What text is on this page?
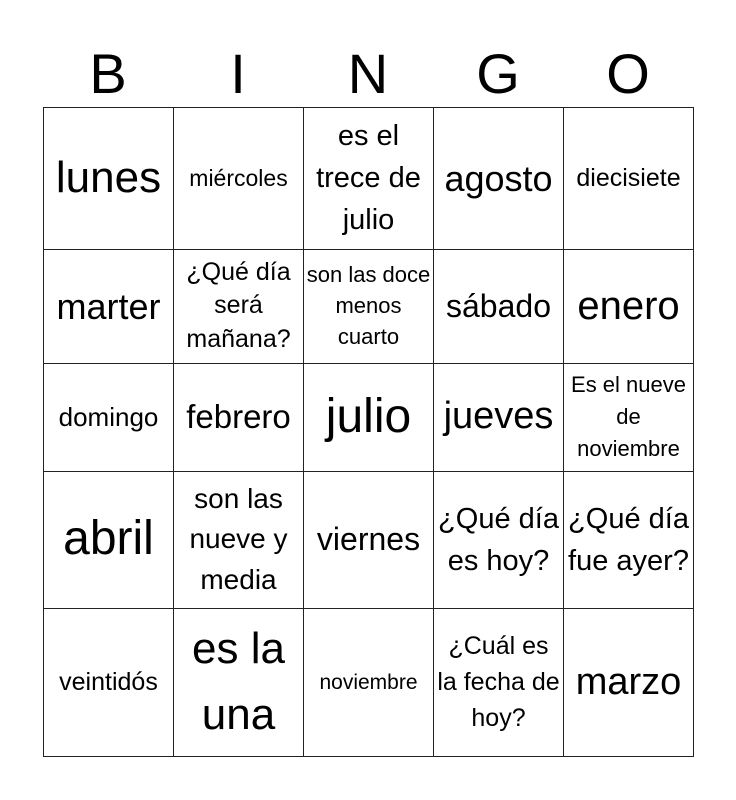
B	I	N	G	O
lunes	miércoles	es el trece de julio	agosto	diecisiete

marter	¿Qué día será mañana?	son las doce menos cuarto	sábado	enero

domingo	febrero	julio	jueves	Es el nueve de noviembre

abril	son las nueve y media	viernes	¿Qué día es hoy?	¿Qué día fue ayer?

veintidós	es la una	noviembre	¿Cuál es la fecha de hoy?	marzo
